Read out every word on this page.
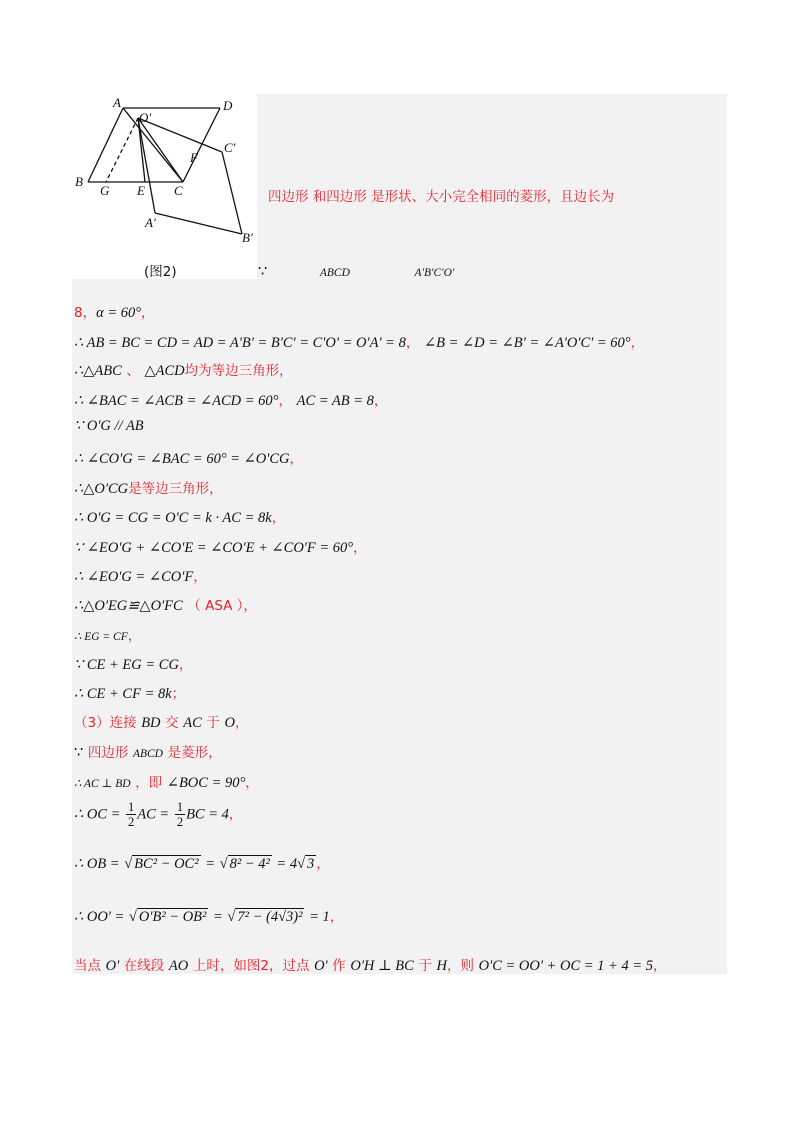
A
O'
D
C'
F
B
G E C
A'
B'
(图2)
四边形 和四边形 是形状、大小完全相同的菱形，且边长为
∵	ABCD	A'B'C'O'
8，α = 60°，
∴ AB = BC = CD = AD = A'B' = B'C' = C'O' = O'A' = 8， ∠B = ∠D = ∠B' = ∠A'O'C' = 60°，
∴△ABC 、 △ACD均为等边三角形，
∴ ∠BAC = ∠ACB = ∠ACD = 60°， AC = AB = 8，
∵ O'G // AB
∴ ∠CO'G = ∠BAC = 60° = ∠O'CG，
∴△O'CG是等边三角形，
∴ O'G = CG = O'C = k · AC = 8k，
∵ ∠EO'G + ∠CO'E = ∠CO'E + ∠CO'F = 60°，
∴ ∠EO'G = ∠CO'F，
∴△O'EG≌△O'FC （ ASA ），
∴ EG = CF，
∵ CE + EG = CG，
∴ CE + CF = 8k；
（3）连接 BD 交 AC 于 O，
∵ 四边形 ABCD 是菱形，
∴ AC ⊥ BD ，即 ∠BOC = 90°，
∴ OC = $\frac{1}{2}$ AC = $\frac{1}{2}$ BC = 4，
∴ OB = √ BC² − OC² = √ 8² − 4² = 4√ 3 ，
∴ OO' = √ O'B² − OB² = √ 7² − (4√3)² = 1，
当点 O' 在线段 AO 上时，如图2，过点 O' 作 O'H ⊥ BC 于 H，则 O'C = OO' + OC = 1 + 4 = 5，
